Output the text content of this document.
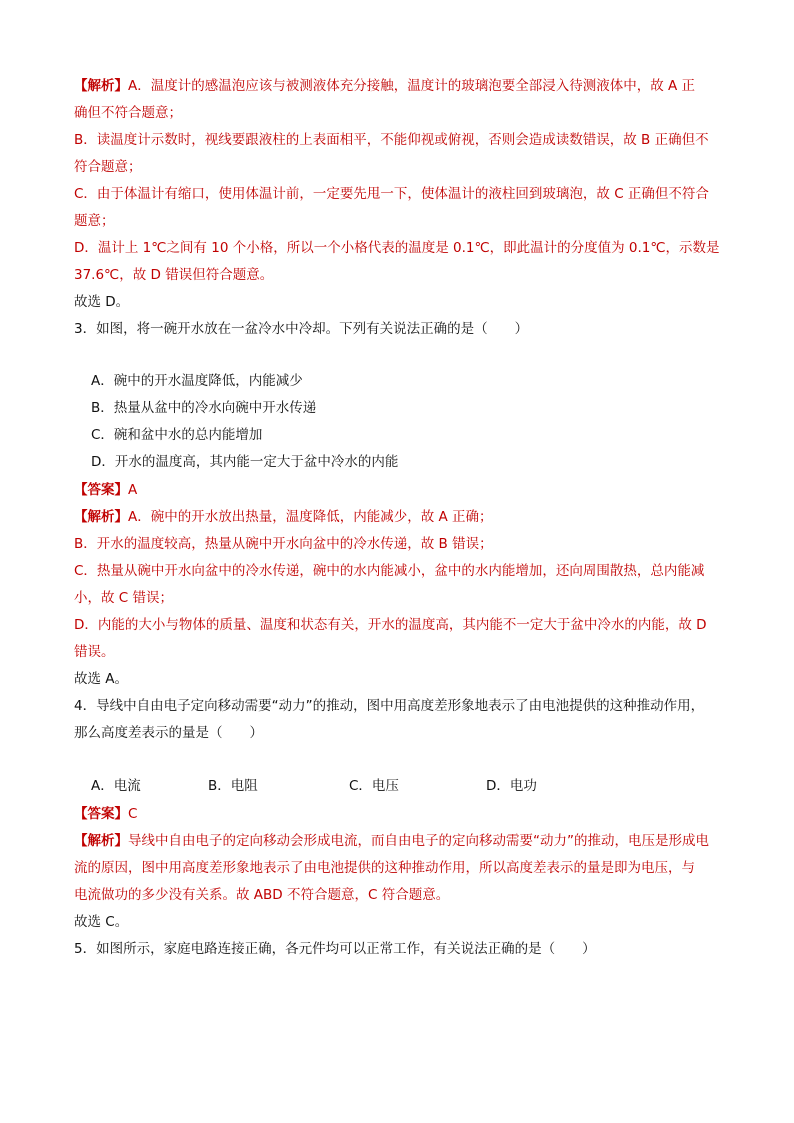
【解析】A．温度计的感温泡应该与被测液体充分接触，温度计的玻璃泡要全部浸入待测液体中，故 A 正
确但不符合题意；
B．读温度计示数时，视线要跟液柱的上表面相平，不能仰视或俯视，否则会造成读数错误，故 B 正确但不
符合题意；
C．由于体温计有缩口，使用体温计前，一定要先甩一下，使体温计的液柱回到玻璃泡，故 C 正确但不符合
题意；
D．温计上 1℃之间有 10 个小格，所以一个小格代表的温度是 0.1℃，即此温计的分度值为 0.1℃，示数是
37.6℃，故 D 错误但符合题意。
故选 D。
3．如图，将一碗开水放在一盆冷水中冷却。下列有关说法正确的是（　　）
A．碗中的开水温度降低，内能减少
B．热量从盆中的冷水向碗中开水传递
C．碗和盆中水的总内能增加
D．开水的温度高，其内能一定大于盆中冷水的内能
【答案】A
【解析】A．碗中的开水放出热量，温度降低，内能减少，故 A 正确；
B．开水的温度较高，热量从碗中开水向盆中的冷水传递，故 B 错误；
C．热量从碗中开水向盆中的冷水传递，碗中的水内能减小，盆中的水内能增加，还向周围散热，总内能减
小，故 C 错误；
D．内能的大小与物体的质量、温度和状态有关，开水的温度高，其内能不一定大于盆中冷水的内能，故 D
错误。
故选 A。
4．导线中自由电子定向移动需要“动力”的推动，图中用高度差形象地表示了由电池提供的这种推动作用，
那么高度差表示的量是（　　）
A．电流	B．电阻	C．电压	D．电功
【答案】C
【解析】导线中自由电子的定向移动会形成电流，而自由电子的定向移动需要“动力”的推动，电压是形成电
流的原因，图中用高度差形象地表示了由电池提供的这种推动作用，所以高度差表示的量是即为电压，与
电流做功的多少没有关系。故 ABD 不符合题意，C 符合题意。
故选 C。
5．如图所示，家庭电路连接正确，各元件均可以正常工作，有关说法正确的是（　　）
